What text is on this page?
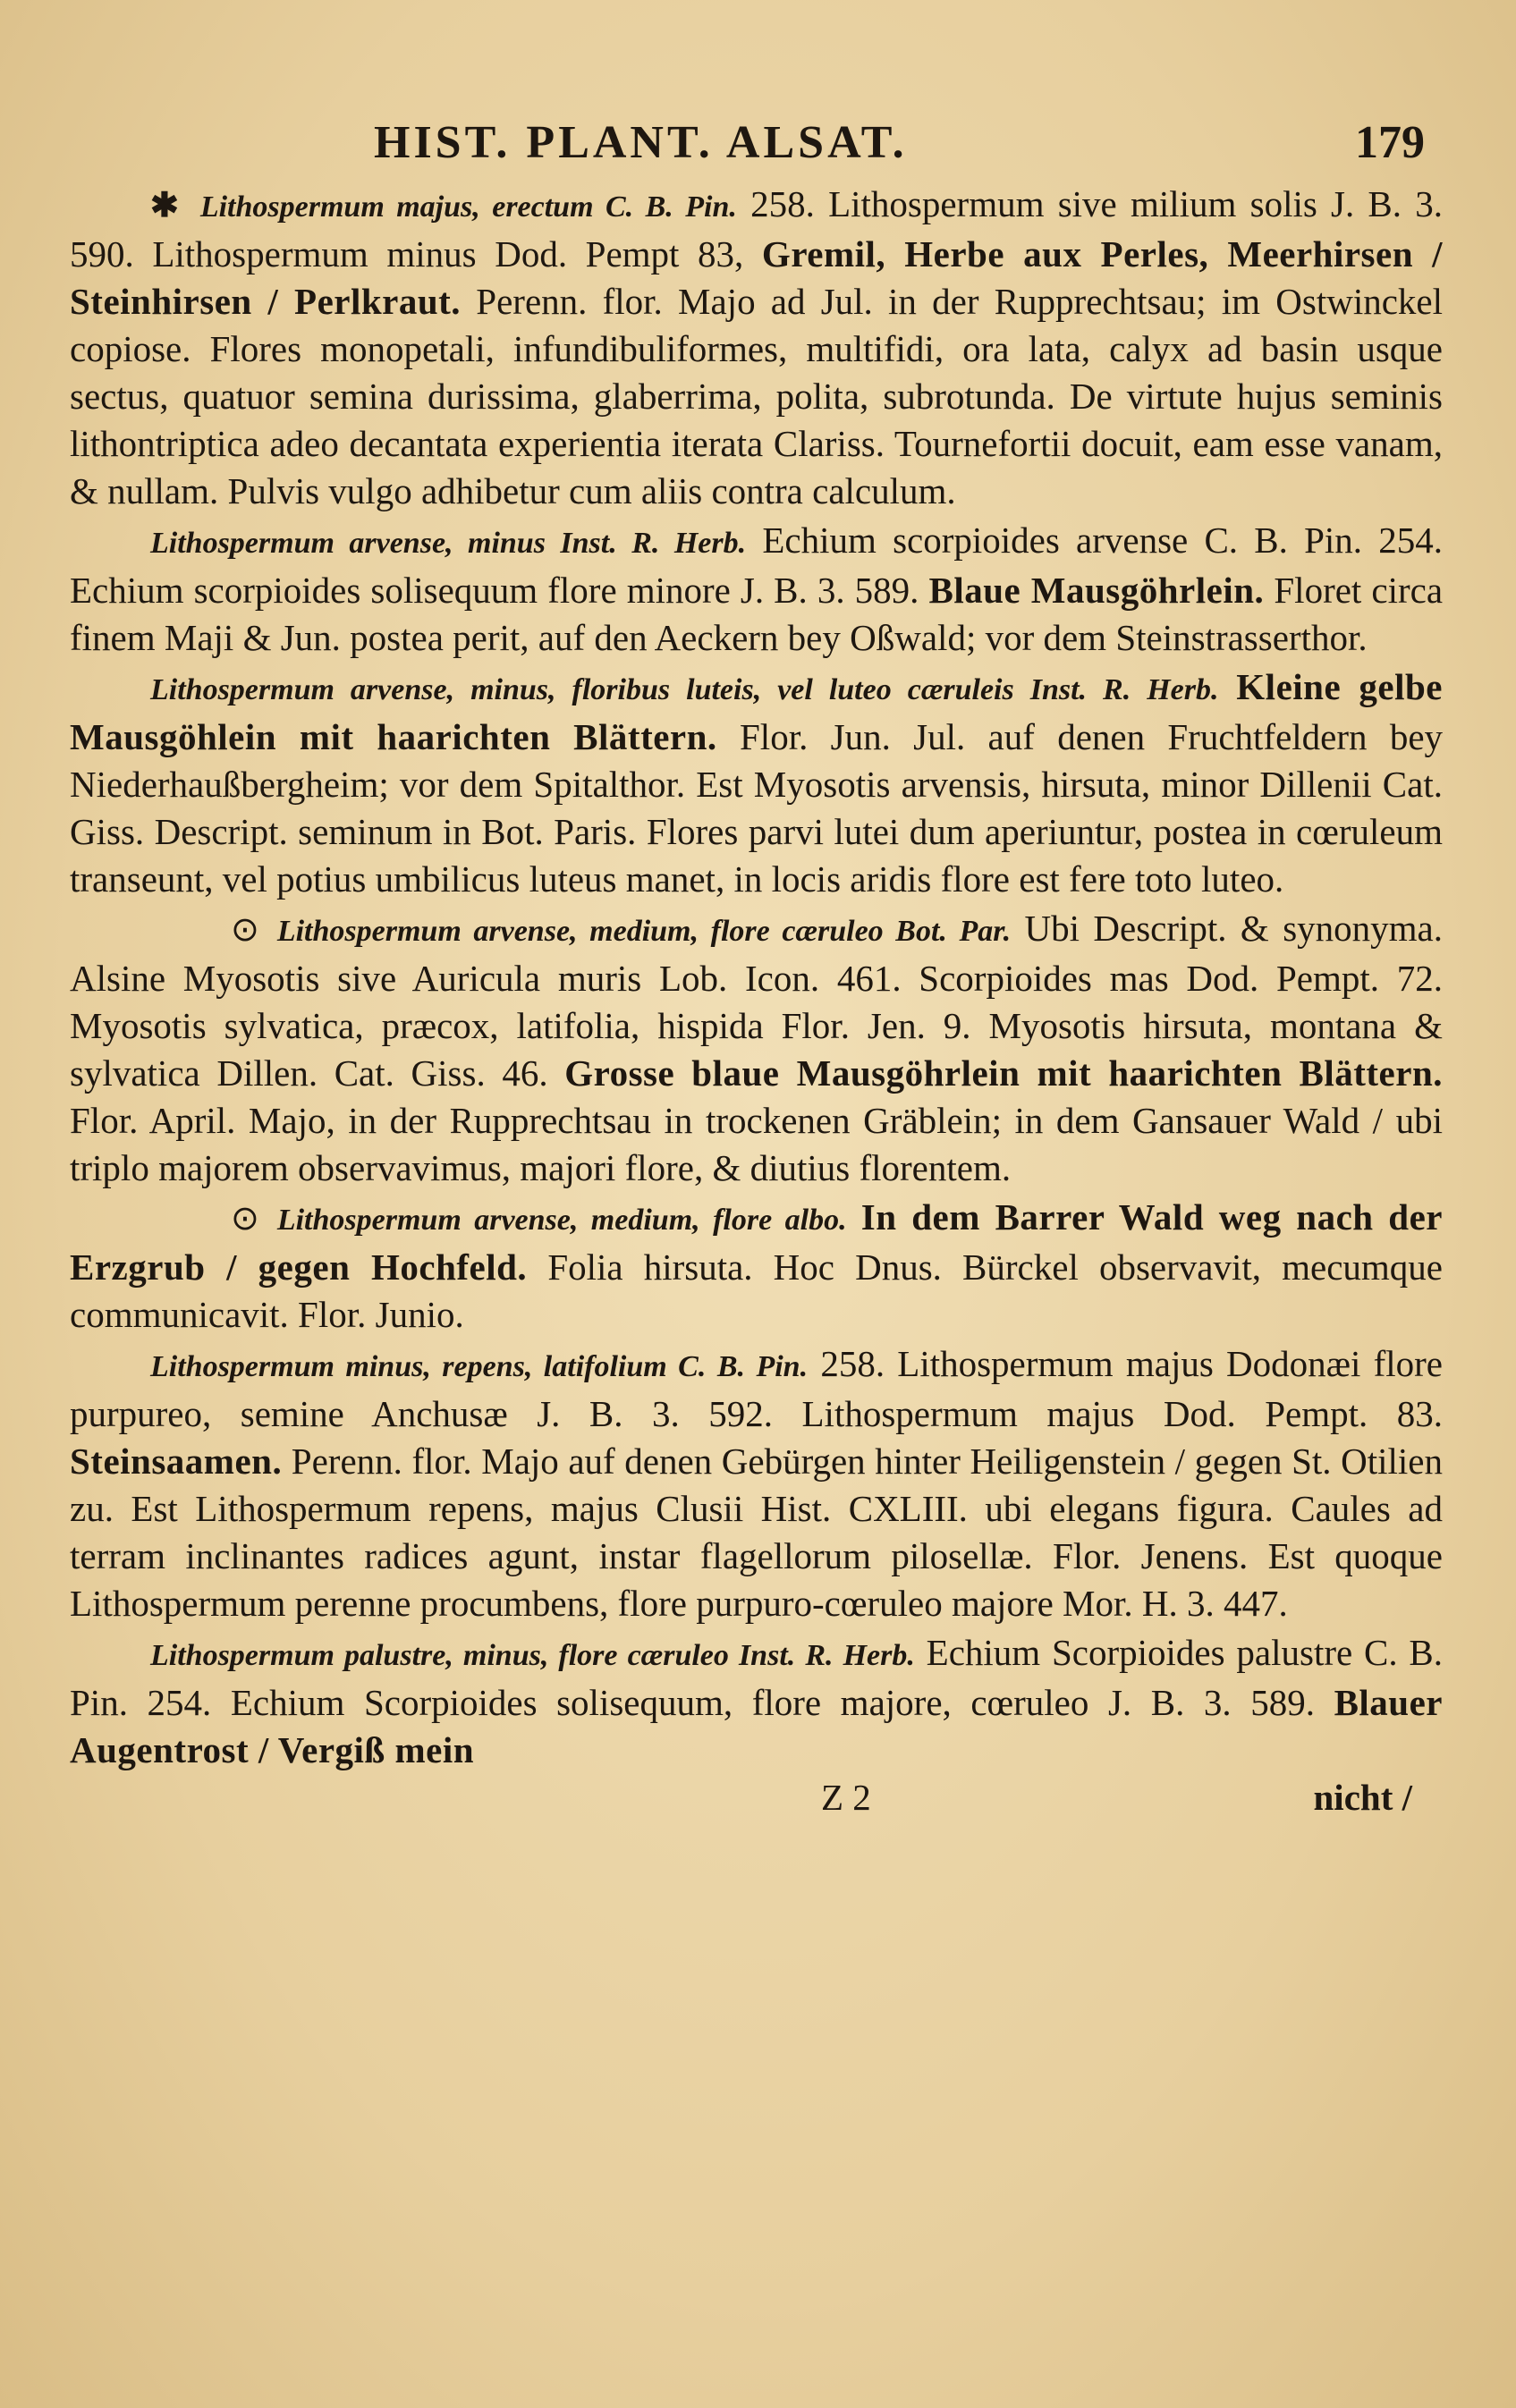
HIST. PLANT. ALSAT.	179

✱ Lithospermum majus, erectum C. B. Pin. 258. Lithospermum sive milium solis J. B. 3. 590. Lithospermum minus Dod. Pempt 83, Gremil, Herbe aux Perles, Meerhirsen / Steinhirsen / Perlkraut. Perenn. flor. Majo ad Jul. in der Rupprechtsau; im Ostwinckel copiose. Flores monopetali, infundibuliformes, multifidi, ora lata, calyx ad basin usque sectus, quatuor semina durissima, glaberrima, polita, subrotunda. De virtute hujus seminis lithontriptica adeo decantata experientia iterata Clariss. Tournefortii docuit, eam esse vanam, & nullam. Pulvis vulgo adhibetur cum aliis contra calculum.

Lithospermum arvense, minus Inst. R. Herb. Echium scorpioides arvense C. B. Pin. 254. Echium scorpioides solisequum flore minore J. B. 3. 589. Blaue Mausgöhrlein. Floret circa finem Maji & Jun. postea perit, auf den Aeckern bey Oßwald; vor dem Steinstrasserthor.

Lithospermum arvense, minus, floribus luteis, vel luteo cæruleis Inst. R. Herb. Kleine gelbe Mausgöhlein mit haarichten Blättern. Flor. Jun. Jul. auf denen Fruchtfeldern bey Niederhaußbergheim; vor dem Spitalthor. Est Myosotis arvensis, hirsuta, minor Dillenii Cat. Giss. Descript. seminum in Bot. Paris. Flores parvi lutei dum aperiuntur, postea in cœruleum transeunt, vel potius umbilicus luteus manet, in locis aridis flore est fere toto luteo.

⊙ Lithospermum arvense, medium, flore cæruleo Bot. Par. Ubi Descript. & synonyma. Alsine Myosotis sive Auricula muris Lob. Icon. 461. Scorpioides mas Dod. Pempt. 72. Myosotis sylvatica, præcox, latifolia, hispida Flor. Jen. 9. Myosotis hirsuta, montana & sylvatica Dillen. Cat. Giss. 46. Grosse blaue Mausgöhrlein mit haarichten Blättern. Flor. April. Majo, in der Rupprechtsau in trockenen Gräblein; in dem Gansauer Wald / ubi triplo majorem observavimus, majori flore, & diutius florentem.

⊙ Lithospermum arvense, medium, flore albo. In dem Barrer Wald weg nach der Erzgrub / gegen Hochfeld. Folia hirsuta. Hoc Dnus. Bürckel observavit, mecumque communicavit. Flor. Junio.

Lithospermum minus, repens, latifolium C. B. Pin. 258. Lithospermum majus Dodonæi flore purpureo, semine Anchusæ J. B. 3. 592. Lithospermum majus Dod. Pempt. 83. Steinsaamen. Perenn. flor. Majo auf denen Gebürgen hinter Heiligenstein / gegen St. Otilien zu. Est Lithospermum repens, majus Clusii Hist. CXLIII. ubi elegans figura. Caules ad terram inclinantes radices agunt, instar flagellorum pilosellæ. Flor. Jenens. Est quoque Lithospermum perenne procumbens, flore purpuro-cœruleo majore Mor. H. 3. 447.

Lithospermum palustre, minus, flore cæruleo Inst. R. Herb. Echium Scorpioides palustre C. B. Pin. 254. Echium Scorpioides solisequum, flore majore, cœruleo J. B. 3. 589. Blauer Augentrost / Vergiß mein

Z 2	nicht /
